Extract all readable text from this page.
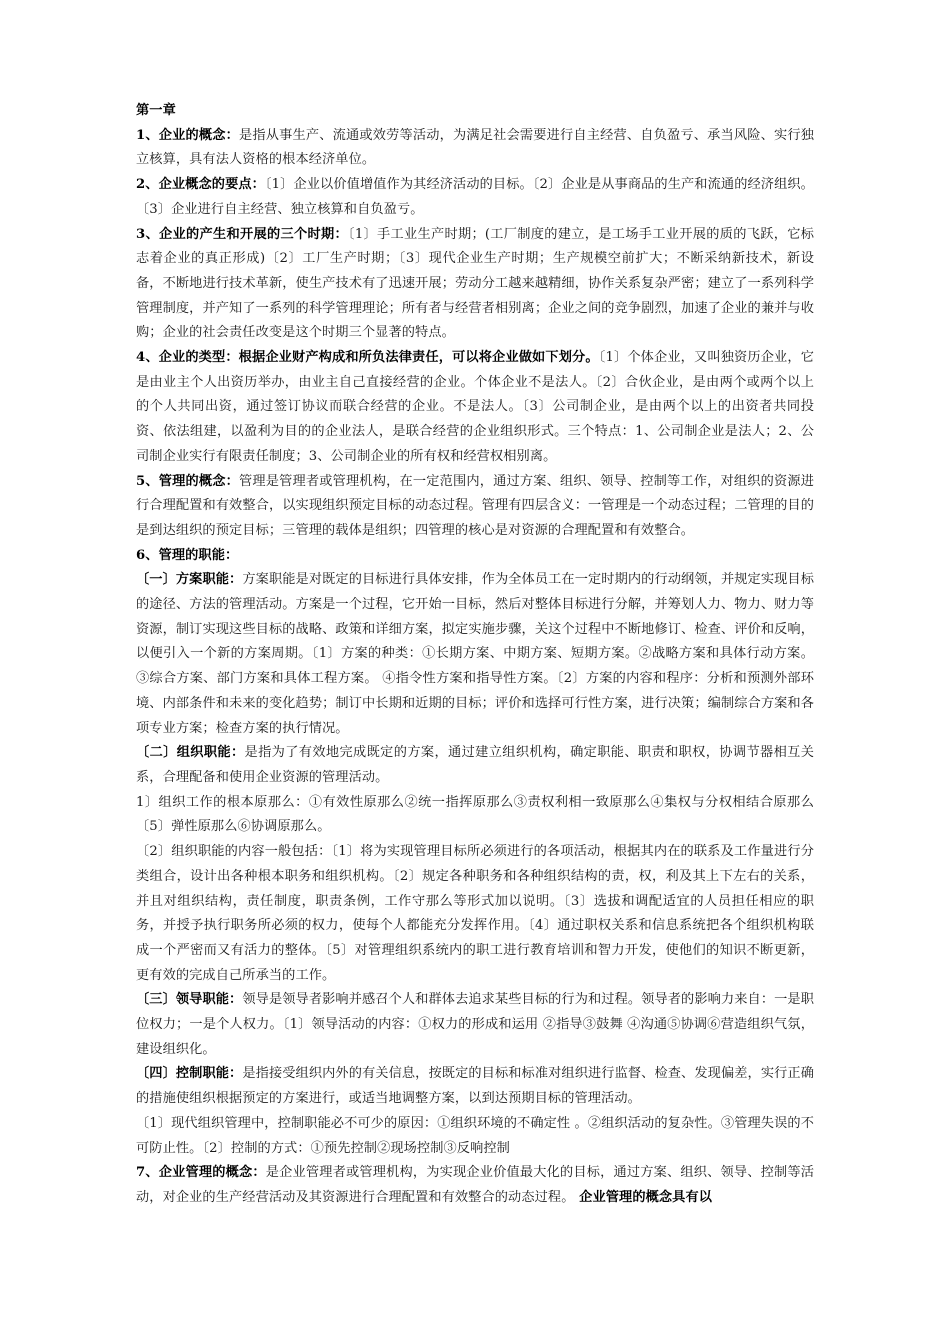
第一章

1、企业的概念：是指从事生产、流通或效劳等活动，为满足社会需要进行自主经营、自负盈亏、承当风险、实行独立核算，具有法人资格的根本经济单位。

2、企业概念的要点：〔1〕企业以价值增值作为其经济活动的目标。〔2〕企业是从事商品的生产和流通的经济组织。〔3〕企业进行自主经营、独立核算和自负盈亏。

3、企业的产生和开展的三个时期：〔1〕手工业生产时期；(工厂制度的建立，是工场手工业开展的质的飞跃，它标志着企业的真正形成)〔2〕工厂生产时期；〔3〕现代企业生产时期；生产规模空前扩大；不断采纳新技术，新设备，不断地进行技术革新，使生产技术有了迅速开展；劳动分工越来越精细，协作关系复杂严密；建立了一系列科学管理制度，并产知了一系列的科学管理理论；所有者与经营者相别离；企业之间的竞争剧烈，加速了企业的兼并与收购；企业的社会责任改变是这个时期三个显著的特点。

4、企业的类型：根据企业财产构成和所负法律责任，可以将企业做如下划分。〔1〕个体企业，又叫独资历企业，它是由业主个人出资历举办，由业主自己直接经营的企业。个体企业不是法人。〔2〕合伙企业，是由两个或两个以上的个人共同出资，通过签订协议而联合经营的企业。不是法人。〔3〕公司制企业，是由两个以上的出资者共同投资、依法组建，以盈利为目的的企业法人，是联合经营的企业组织形式。三个特点：1、公司制企业是法人；2、公司制企业实行有限责任制度；3、公司制企业的所有权和经营权相别离。

5、管理的概念：管理是管理者或管理机构，在一定范围内，通过方案、组织、领导、控制等工作，对组织的资源进行合理配置和有效整合，以实现组织预定目标的动态过程。管理有四层含义：一管理是一个动态过程；二管理的目的是到达组织的预定目标；三管理的载体是组织；四管理的核心是对资源的合理配置和有效整合。

6、管理的职能：

〔一〕方案职能：方案职能是对既定的目标进行具体安排，作为全体员工在一定时期内的行动纲领，并规定实现目标的途径、方法的管理活动。方案是一个过程，它开始一目标，然后对整体目标进行分解，并筹划人力、物力、财力等资源，制订实现这些目标的战略、政策和详细方案，拟定实施步骤，关这个过程中不断地修订、检查、评价和反响，以便引入一个新的方案周期。〔1〕方案的种类：①长期方案、中期方案、短期方案。②战略方案和具体行动方案。③综合方案、部门方案和具体工程方案。 ④指令性方案和指导性方案。〔2〕方案的内容和程序：分析和预测外部环境、内部条件和未来的变化趋势；制订中长期和近期的目标；评价和选择可行性方案，进行决策；编制综合方案和各项专业方案；检查方案的执行情况。

〔二〕组织职能：是指为了有效地完成既定的方案，通过建立组织机构，确定职能、职责和职权，协调节器相互关系，合理配备和使用企业资源的管理活动。

1〕组织工作的根本原那么：①有效性原那么②统一指挥原那么③责权利相一致原那么④集权与分权相结合原那么〔5〕弹性原那么⑥协调原那么。

〔2〕组织职能的内容一般包括：〔1〕将为实现管理目标所必须进行的各项活动，根据其内在的联系及工作量进行分类组合，设计出各种根本职务和组织机构。〔2〕规定各种职务和各种组织结构的责，权，利及其上下左右的关系，并且对组织结构，责任制度，职责条例，工作守那么等形式加以说明。〔3〕选拔和调配适宜的人员担任相应的职务，并授予执行职务所必须的权力，使每个人都能充分发挥作用。〔4〕通过职权关系和信息系统把各个组织机构联成一个严密而又有活力的整体。〔5〕对管理组织系统内的职工进行教育培训和智力开发，使他们的知识不断更新，更有效的完成自己所承当的工作。

〔三〕领导职能：领导是领导者影响并感召个人和群体去追求某些目标的行为和过程。领导者的影响力来自：一是职位权力；一是个人权力。〔1〕领导活动的内容：①权力的形成和运用 ②指导③鼓舞 ④沟通⑤协调⑥营造组织气氛，建设组织化。

〔四〕控制职能：是指接受组织内外的有关信息，按既定的目标和标准对组织进行监督、检查、发现偏差，实行正确的措施使组织根据预定的方案进行，或适当地调整方案，以到达预期目标的管理活动。

〔1〕现代组织管理中，控制职能必不可少的原因：①组织环境的不确定性 。②组织活动的复杂性。③管理失误的不可防止性。〔2〕控制的方式：①预先控制②现场控制③反响控制

7、企业管理的概念：是企业管理者或管理机构，为实现企业价值最大化的目标，通过方案、组织、领导、控制等活动，对企业的生产经营活动及其资源进行合理配置和有效整合的动态过程。 企业管理的概念具有以
